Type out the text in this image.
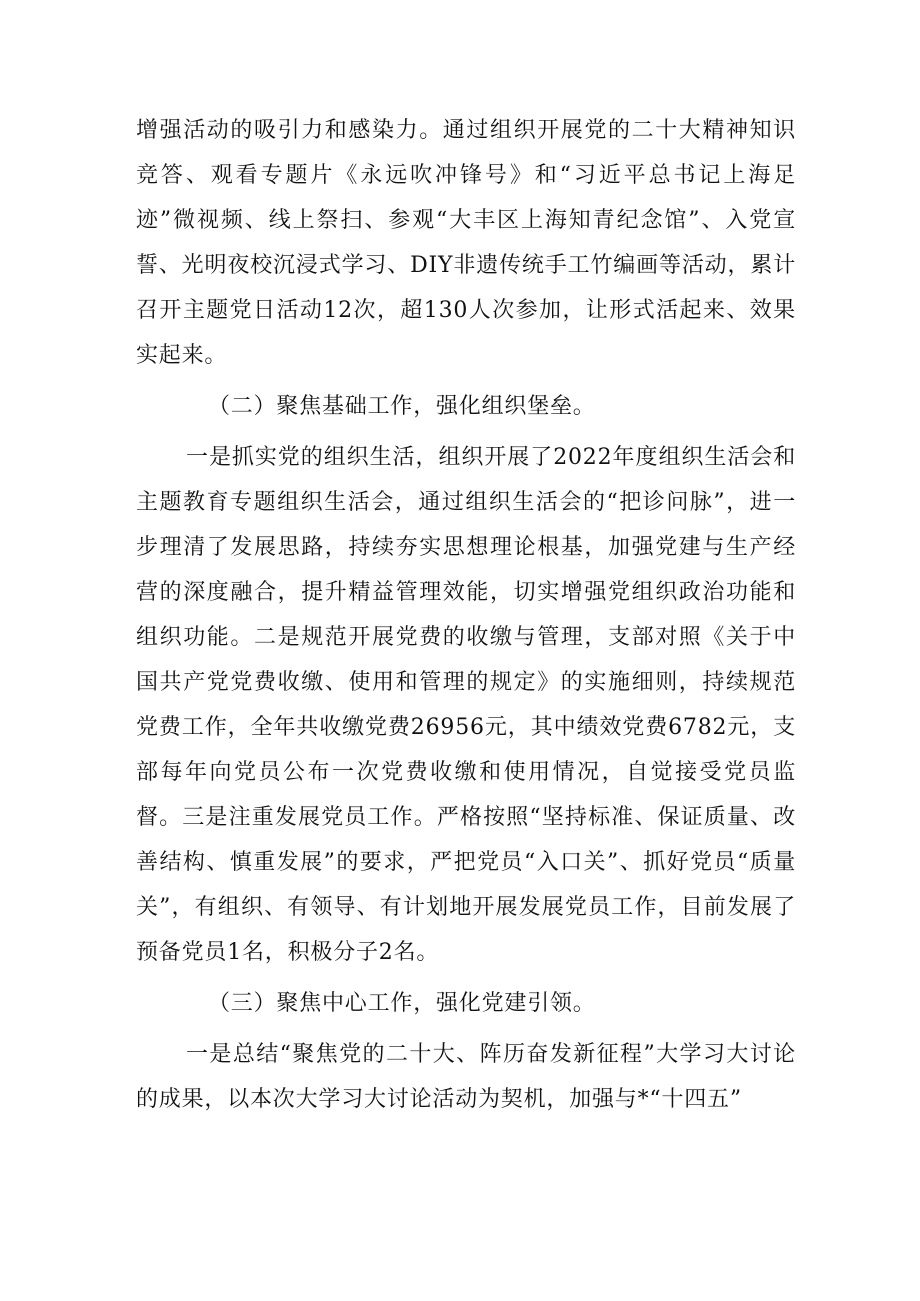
增强活动的吸引力和感染力。通过组织开展党的二十大精神知识竞答、观看专题片《永远吹冲锋号》和“习近平总书记上海足迹”微视频、线上祭扫、参观“大丰区上海知青纪念馆”、入党宣誓、光明夜校沉浸式学习、DIY非遗传统手工竹编画等活动，累计召开主题党日活动12次，超130人次参加，让形式活起来、效果实起来。

（二）聚焦基础工作，强化组织堡垒。

一是抓实党的组织生活，组织开展了2022年度组织生活会和主题教育专题组织生活会，通过组织生活会的“把诊问脉”，进一步理清了发展思路，持续夯实思想理论根基，加强党建与生产经营的深度融合，提升精益管理效能，切实增强党组织政治功能和组织功能。二是规范开展党费的收缴与管理，支部对照《关于中国共产党党费收缴、使用和管理的规定》的实施细则，持续规范党费工作，全年共收缴党费26956元，其中绩效党费6782元，支部每年向党员公布一次党费收缴和使用情况，自觉接受党员监督。三是注重发展党员工作。严格按照“坚持标准、保证质量、改善结构、慎重发展”的要求，严把党员“入口关”、抓好党员“质量关”，有组织、有领导、有计划地开展发展党员工作，目前发展了预备党员1名，积极分子2名。

（三）聚焦中心工作，强化党建引领。

一是总结“聚焦党的二十大、阵历奋发新征程”大学习大讨论的成果，以本次大学习大讨论活动为契机，加强与*“十四五”
